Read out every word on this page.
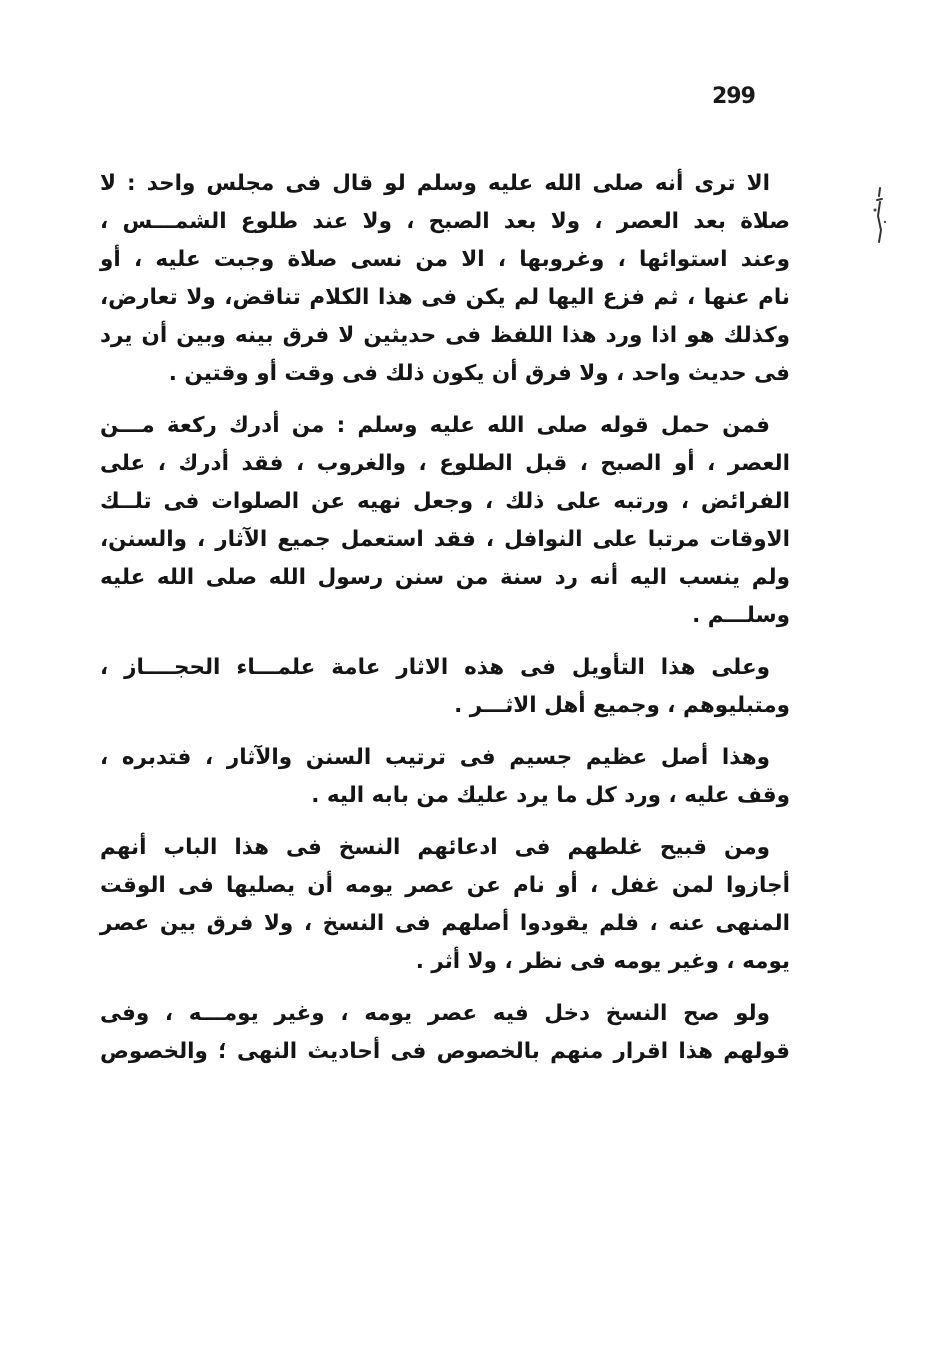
299
الا ترى أنه صلى الله عليه وسلم لو قال فى مجلس واحد : لا
صلاة بعد العصر ، ولا بعد الصبح ، ولا عند طلوع الشمـــس ،
وعند استوائها ، وغروبها ، الا من نسى صلاة وجبت عليه ، أو
نام عنها ، ثم فزع اليها لم يكن فى هذا الكلام تناقض، ولا تعارض،
وكذلك هو اذا ورد هذا اللفظ فى حديثين لا فرق بينه وبين أن يرد
فى حديث واحد ، ولا فرق أن يكون ذلك فى وقت أو وقتين .
فمن حمل قوله صلى الله عليه وسلم : من أدرك ركعة مـــن
العصر ، أو الصبح ، قبل الطلوع ، والغروب ، فقد أدرك ، على
الفرائض ، ورتبه على ذلك ، وجعل نهيه عن الصلوات فى تلــك
الاوقات مرتبا على النوافل ، فقد استعمل جميع الآثار ، والسنن،
ولم ينسب اليه أنه رد سنة من سنن رسول الله صلى الله عليه
وسلـــم .
وعلى هذا التأويل فى هذه الاثار عامة علمـــاء الحجــــاز ،
ومتبليوهم ، وجميع أهل الاثـــر .
وهذا أصل عظيم جسيم فى ترتيب السنن والآثار ، فتدبره ،
وقف عليه ، ورد كل ما يرد عليك من بابه اليه .
ومن قبيح غلطهم فى ادعائهم النسخ فى هذا الباب أنهم
أجازوا لمن غفل ، أو نام عن عصر يومه أن يصليها فى الوقت
المنهى عنه ، فلم يقودوا أصلهم فى النسخ ، ولا فرق بين عصر
يومه ، وغير يومه فى نظر ، ولا أثر .
ولو صح النسخ دخل فيه عصر يومه ، وغير يومـــه ، وفى
قولهم هذا اقرار منهم بالخصوص فى أحاديث النهى ؛ والخصوص
